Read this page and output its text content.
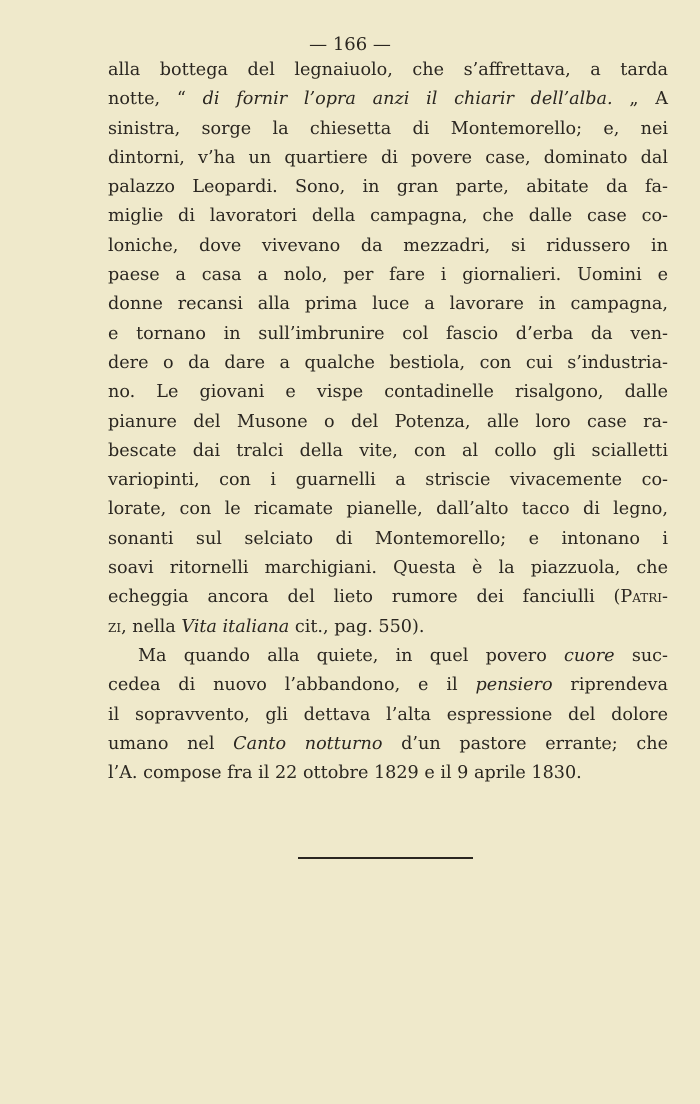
— 166 —
alla bottega del legnaiuolo, che s’affrettava, a tarda
notte, “ di fornir l’opra anzi il chiarir dell’alba. „ A
sinistra, sorge la chiesetta di Montemorello; e, nei
dintorni, v’ha un quartiere di povere case, dominato dal
palazzo Leopardi. Sono, in gran parte, abitate da fa-
miglie di lavoratori della campagna, che dalle case co-
loniche, dove vivevano da mezzadri, si ridussero in
paese a casa a nolo, per fare i giornalieri. Uomini e
donne recansi alla prima luce a lavorare in campagna,
e tornano in sull’imbrunire col fascio d’erba da ven-
dere o da dare a qualche bestiola, con cui s’industria-
no. Le giovani e vispe contadinelle risalgono, dalle
pianure del Musone o del Potenza, alle loro case ra-
bescate dai tralci della vite, con al collo gli scialletti
variopinti, con i guarnelli a striscie vivacemente co-
lorate, con le ricamate pianelle, dall’alto tacco di legno,
sonanti sul selciato di Montemorello; e intonano i
soavi ritornelli marchigiani. Questa è la piazzuola, che
echeggia ancora del lieto rumore dei fanciulli (Patri-
zi, nella Vita italiana cit., pag. 550).
Ma quando alla quiete, in quel povero cuore suc-
cedea di nuovo l’abbandono, e il pensiero riprendeva
il sopravvento, gli dettava l’alta espressione del dolore
umano nel Canto notturno d’un pastore errante; che
l’A. compose fra il 22 ottobre 1829 e il 9 aprile 1830.
